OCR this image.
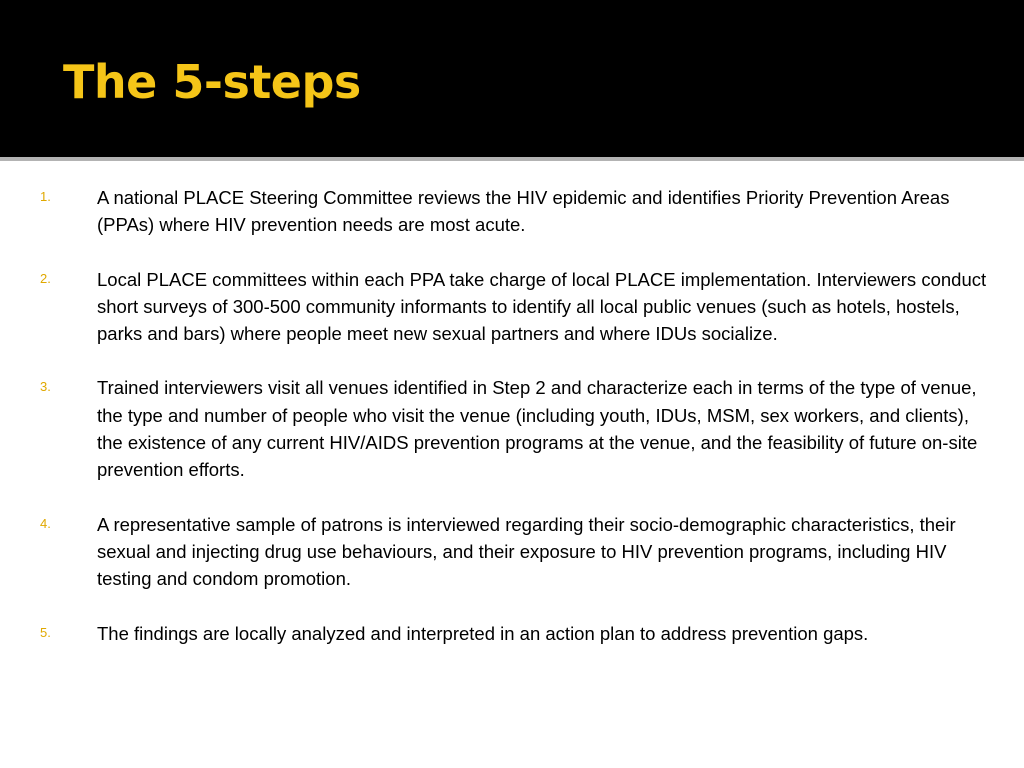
The 5-steps
1. A national PLACE Steering Committee reviews the HIV epidemic and identifies Priority Prevention Areas (PPAs) where HIV prevention needs are most acute.
2. Local PLACE committees within each PPA take charge of local PLACE implementation. Interviewers conduct short surveys of 300-500 community informants to identify all local public venues (such as hotels, hostels, parks and bars) where people meet new sexual partners and where IDUs socialize.
3. Trained interviewers visit all venues identified in Step 2 and characterize each in terms of the type of venue, the type and number of people who visit the venue (including youth, IDUs, MSM, sex workers, and clients), the existence of any current HIV/AIDS prevention programs at the venue, and the feasibility of future on-site prevention efforts.
4. A representative sample of patrons is interviewed regarding their socio-demographic characteristics, their sexual and injecting drug use behaviours, and their exposure to HIV prevention programs, including HIV testing and condom promotion.
5. The findings are locally analyzed and interpreted in an action plan to address prevention gaps.
